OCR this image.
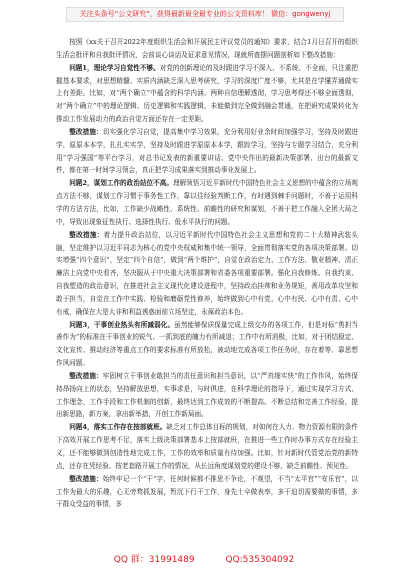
关注头条号“公文研究”，获得最新最全最专业的公文资料库！ 微信：gongwenyj

按照《xx关于召开2022年度组织生活会和开展民主评议党员的通知》要求，结合1月日召开的组织生活会批评和自我批评情况，会前谈心谈话及征求意见情况，现就所查摆问题剖析如下整改措施：

问题1，理论学习自觉性不够。对党的创新理论的及时跟进学习不深入、不系统、不全面，只注重把握基本要求，对思想精髓、实质内涵缺乏深入思考研究，学习的深度广度不够，尤其是在学懂弄通做实上有差距。比如，对“两个确立”中蕴含的科学内涵、两种自信理解透彻，学习思考得还不够全面透彻，对“两个确立”中的理论逻辑、历史逻辑和实践逻辑，未能做到完全做到融会贯通，在把研究成果转化为推动工作发展动力的政治自觉方面还存在一定差距。

整改措施：切实强化学习自觉，提高集中学习效果，充分利用好业余时间加强学习，坚持及时跟进学，原原本本学，扎扎实实学，坚持及时跟进学原原本本学，跟踪学习，坚持与专题学习结合，充分利用“学习强国”等平台学习，对总书记发表的新重要讲话、党中央作出的最新决策部署、出台的最新文件，都在第一时间学习领会，真正把学习成果落实到推动事业发展上。

问题2，谋划工作的政治站位不高。理解领悟习近平新时代中国特色社会主义思想的中蕴含的立场观点方法不够，谋划工作习惯于事务性工作，靠以往经验判断工作，有时遇到棘手问题时，不善于运用科学的方法方法，比如，工作缺少战略性、系统性、前瞻性的研究和谋划，不善于把工作融入全团大局之中，导致出现象征性执行、选择性执行、低水平执行的问题。

整改措施：着力提升政治站位，以习近平新时代中国特色社会主义思想和党的二十大精神武装头脑，坚定维护以习近平同志为核心的党中央权威和集中统一领导，全面贯彻落实党的各项决策部署。切实增强“四个意识”，坚定“四个自信”，做到“两个维护”，自觉在政治定力、工作方法、敬业精神、清正廉洁上向党中央看齐，坚决服从于中央重大决策部署和省委各项重要部署。强化自我修炼、自我约束、自我塑造的政治意识，在推进社会主义现代化建设进程中，坚持政治挂帅和业务规矩，善用改革攻坚和敢于担当，自觉在工作中实践、检验和磨砺党性修养，始终做到心中有党、心中有民、心中有责、心中有戒，确保在大是大非和利益诱惑面前立场坚定，永葆政治本色。

问题3，干事创业热头有所减弱化。虽然能够保质保量完成上级交办的各项工作，但是对标“勇担当善作为”的标准在干事创业的锐气、一抓到底的魄力有所减退；工作中有所消极，比如，对于团结稳定、文化宣传、推动经济等重点工作的要求标准有所放松，被动地完成各项工作任务时，存在着等、靠思想作风问题。

整改措施：牢固树立干事创业敢担当的责任意识和担当意识，以“严真细实快”的工作作风，始终保持昂扬向上的状态，坚持解放思想，实事求是，与时俱进，在科学理论的指导下，通过实现学习方式、工作理念，工作手段和工作机制的创新，最终达到工作成效的不断提高。不断总结和完善工作经验，提出新思路，新方案，拿出新举措，开创工作新局面。

问题4，落实工作存在按部就班。缺乏对工作总体目标的规划，对如何在人力、物力资源有限的条件下高效开展工作思考不足，落实上级决策部署基本上按部就班，在推进一些工作时办事方式存在经验主义，还不能够做到创造性地完成工作，工作的效率和质量有待加强。比如，针对新时代管党治党的新特点，还存在凭经验、按老套路开展工作的情况，从长远角度谋划党的建设不够，缺乏前瞻性、预见性。

整改措施：始终牢记一个“干”字，任何时候都不推思不争论，不观望，不当“太平官”“安乐官”，以工作为最大的乐趣，心无旁骛抓发展，暂沉下行干工作，身先士卒做表率，多干迫切需要做的事情，多干群众受益的事情，多

QQ 群：31991489	QQ:535304092
